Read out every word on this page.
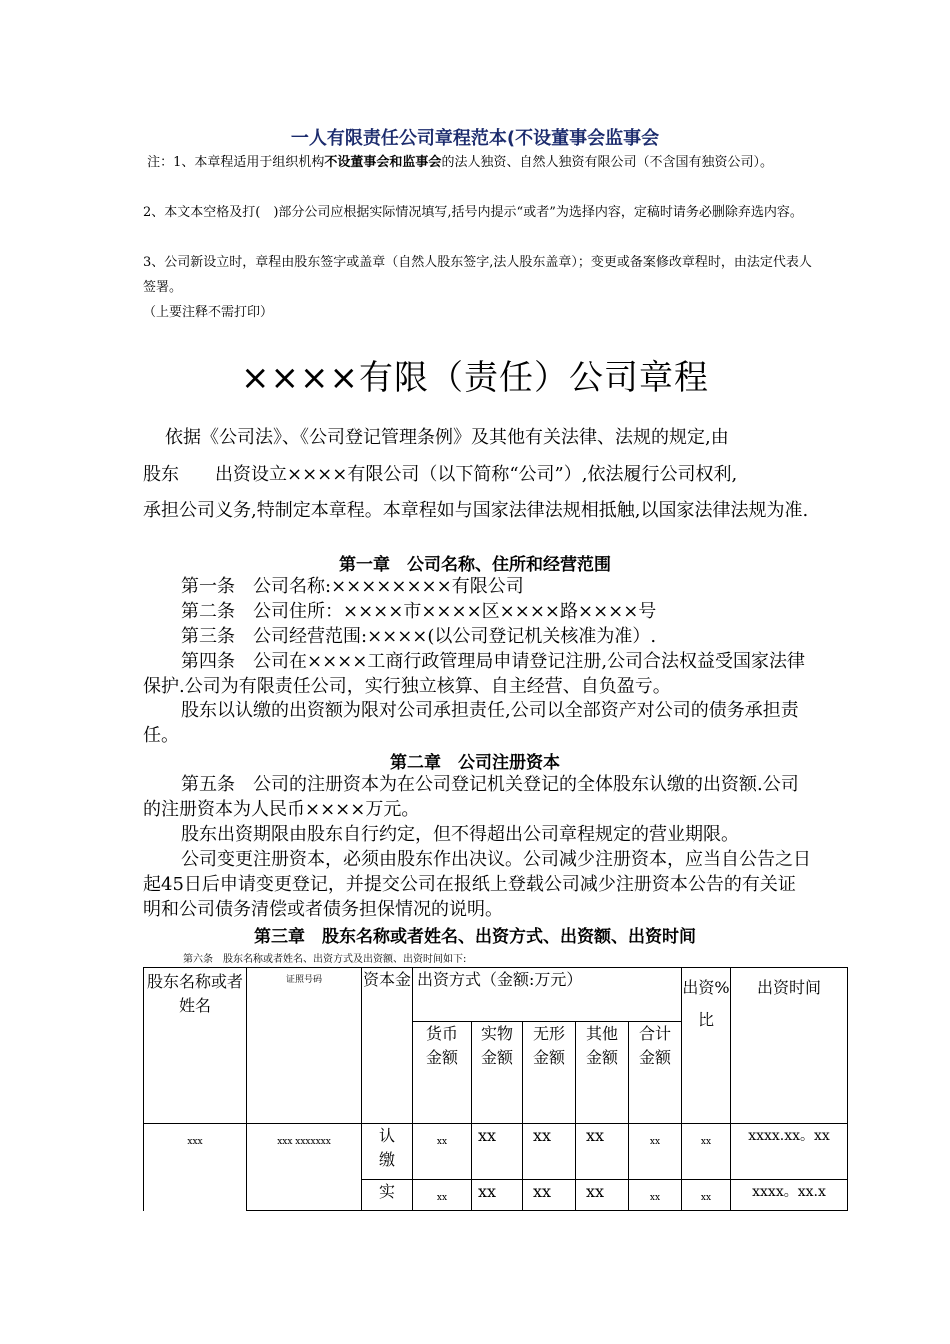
一人有限责任公司章程范本(不设董事会监事会
注：1、本章程适用于组织机构不设董事会和监事会的法人独资、自然人独资有限公司（不含国有独资公司）。
2、本文本空格及打(　)部分公司应根据实际情况填写,括号内提示“或者”为选择内容，定稿时请务必删除弃选内容。
3、公司新设立时，章程由股东签字或盖章（自然人股东签字,法人股东盖章）；变更或备案修改章程时，由法定代表人签署。
（上要注释不需打印）
××××有限（责任）公司章程
依据《公司法》、《公司登记管理条例》及其他有关法律、法规的规定,由
股东　　出资设立××××有限公司（以下简称“公司”）,依法履行公司权利,
承担公司义务,特制定本章程。本章程如与国家法律法规相抵触,以国家法律法规为准.
第一章　公司名称、住所和经营范围
第一条　公司名称:××××××××有限公司
第二条　公司住所：××××市××××区××××路××××号
第三条　公司经营范围:××××(以公司登记机关核准为准）.
第四条　公司在××××工商行政管理局申请登记注册,公司合法权益受国家法律保护.公司为有限责任公司，实行独立核算、自主经营、自负盈亏。
股东以认缴的出资额为限对公司承担责任,公司以全部资产对公司的债务承担责任。
第二章　公司注册资本
第五条　公司的注册资本为在公司登记机关登记的全体股东认缴的出资额.公司的注册资本为人民币××××万元。
股东出资期限由股东自行约定，但不得超出公司章程规定的营业期限。
公司变更注册资本，必须由股东作出决议。公司减少注册资本，应当自公告之日起45日后申请变更登记，并提交公司在报纸上登载公司减少注册资本公告的有关证明和公司债务清偿或者债务担保情况的说明。
第三章　股东名称或者姓名、出资方式、出资额、出资时间
第六条　股东名称或者姓名、出资方式及出资额、出资时间如下:
股东名称或者姓名	证照号码	资本金	出资方式（金额:万元）					出资%比	出资时间
			货币金额	实物金额	无形金额	其他金额	合计金额		
xxx	xxx xxxxxxx	认缴	xx	xx	xx	xx	xx	xx	xxxx.xx。xx
		实	xx	xx	xx	xx	xx	xx	xxxx。xx.x
